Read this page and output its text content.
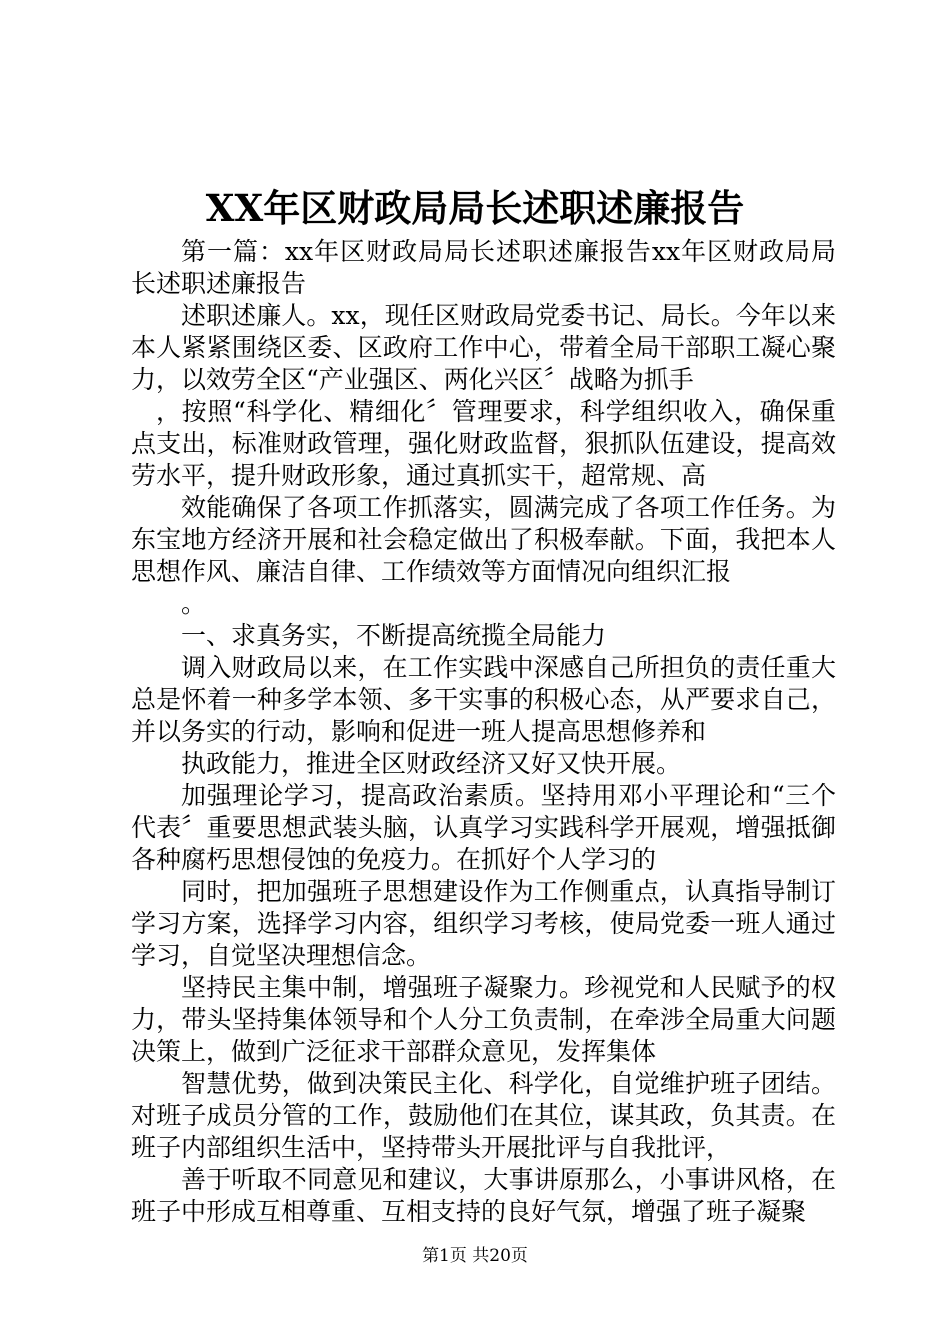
XX年区财政局局长述职述廉报告

第一篇：xx年区财政局局长述职述廉报告xx年区财政局局长述职述廉报告

述职述廉人。xx，现任区财政局党委书记、局长。今年以来本人紧紧围绕区委、区政府工作中心，带着全局干部职工凝心聚力，以效劳全区“产业强区、两化兴区〞战略为抓手

，按照“科学化、精细化〞管理要求，科学组织收入，确保重点支出，标准财政管理，强化财政监督，狠抓队伍建设，提高效劳水平，提升财政形象，通过真抓实干，超常规、高

效能确保了各项工作抓落实，圆满完成了各项工作任务。为东宝地方经济开展和社会稳定做出了积极奉献。下面，我把本人思想作风、廉洁自律、工作绩效等方面情况向组织汇报

。

一、求真务实，不断提高统揽全局能力

调入财政局以来，在工作实践中深感自己所担负的责任重大总是怀着一种多学本领、多干实事的积极心态，从严要求自己，并以务实的行动，影响和促进一班人提高思想修养和

执政能力，推进全区财政经济又好又快开展。

加强理论学习，提高政治素质。坚持用邓小平理论和“三个代表〞重要思想武装头脑，认真学习实践科学开展观，增强抵御各种腐朽思想侵蚀的免疫力。在抓好个人学习的

同时，把加强班子思想建设作为工作侧重点，认真指导制订学习方案，选择学习内容，组织学习考核，使局党委一班人通过学习，自觉坚决理想信念。

坚持民主集中制，增强班子凝聚力。珍视党和人民赋予的权力，带头坚持集体领导和个人分工负责制，在牵涉全局重大问题决策上，做到广泛征求干部群众意见，发挥集体

智慧优势，做到决策民主化、科学化，自觉维护班子团结。对班子成员分管的工作，鼓励他们在其位，谋其政，负其责。在班子内部组织生活中，坚持带头开展批评与自我批评，

善于听取不同意见和建议，大事讲原那么，小事讲风格，在班子中形成互相尊重、互相支持的良好气氛，增强了班子凝聚

第1页 共20页
